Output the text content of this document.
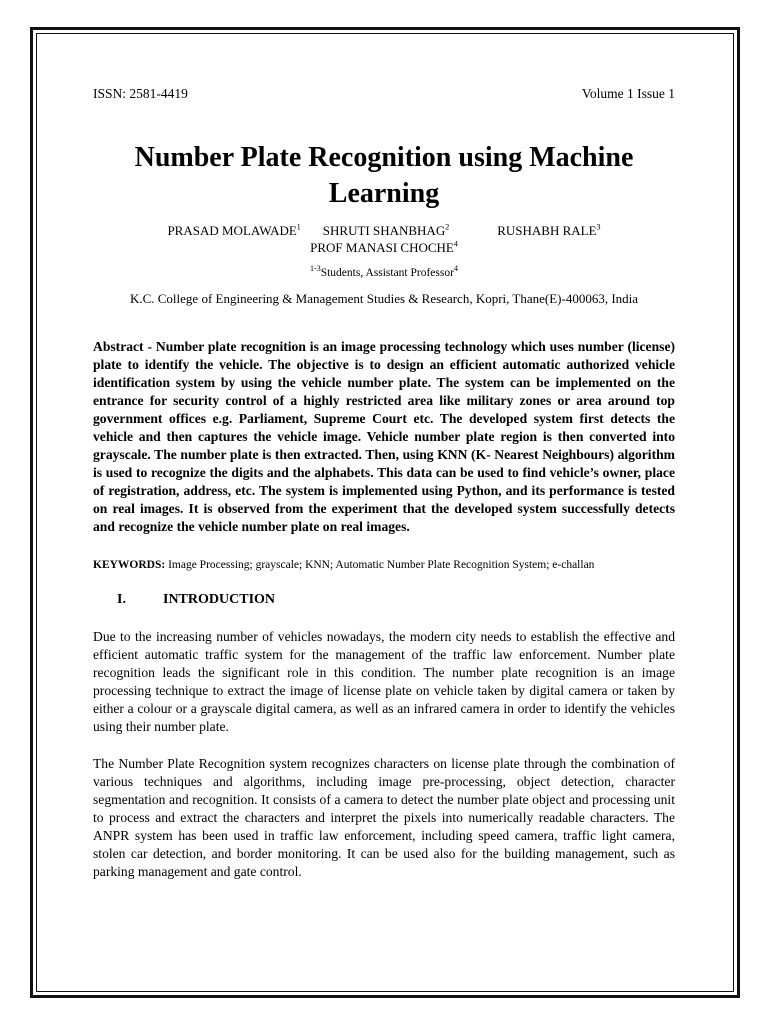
ISSN: 2581-4419	Volume 1 Issue 1
Number Plate Recognition using Machine Learning
PRASAD MOLAWADE$^1$ SHRUTI SHANBHAG$^2$	RUSHABH RALE$^3$
PROF MANASI CHOCHE$^4$
$^{1-3}$Students, Assistant Professor$^4$
K.C. College of Engineering & Management Studies & Research, Kopri, Thane(E)-400063, India
Abstract - Number plate recognition is an image processing technology which uses number (license) plate to identify the vehicle. The objective is to design an efficient automatic authorized vehicle identification system by using the vehicle number plate. The system can be implemented on the entrance for security control of a highly restricted area like military zones or area around top government offices e.g. Parliament, Supreme Court etc. The developed system first detects the vehicle and then captures the vehicle image. Vehicle number plate region is then converted into grayscale. The number plate is then extracted. Then, using KNN (K- Nearest Neighbours) algorithm is used to recognize the digits and the alphabets. This data can be used to find vehicle’s owner, place of registration, address, etc. The system is implemented using Python, and its performance is tested on real images. It is observed from the experiment that the developed system successfully detects and recognize the vehicle number plate on real images.
KEYWORDS: Image Processing; grayscale; KNN; Automatic Number Plate Recognition System; e-challan
I.	INTRODUCTION
Due to the increasing number of vehicles nowadays, the modern city needs to establish the effective and efficient automatic traffic system for the management of the traffic law enforcement. Number plate recognition leads the significant role in this condition. The number plate recognition is an image processing technique to extract the image of license plate on vehicle taken by digital camera or taken by either a colour or a grayscale digital camera, as well as an infrared camera in order to identify the vehicles using their number plate.
The Number Plate Recognition system recognizes characters on license plate through the combination of various techniques and algorithms, including image pre-processing, object detection, character segmentation and recognition. It consists of a camera to detect the number plate object and processing unit to process and extract the characters and interpret the pixels into numerically readable characters. The ANPR system has been used in traffic law enforcement, including speed camera, traffic light camera, stolen car detection, and border monitoring. It can be used also for the building management, such as parking management and gate control.
